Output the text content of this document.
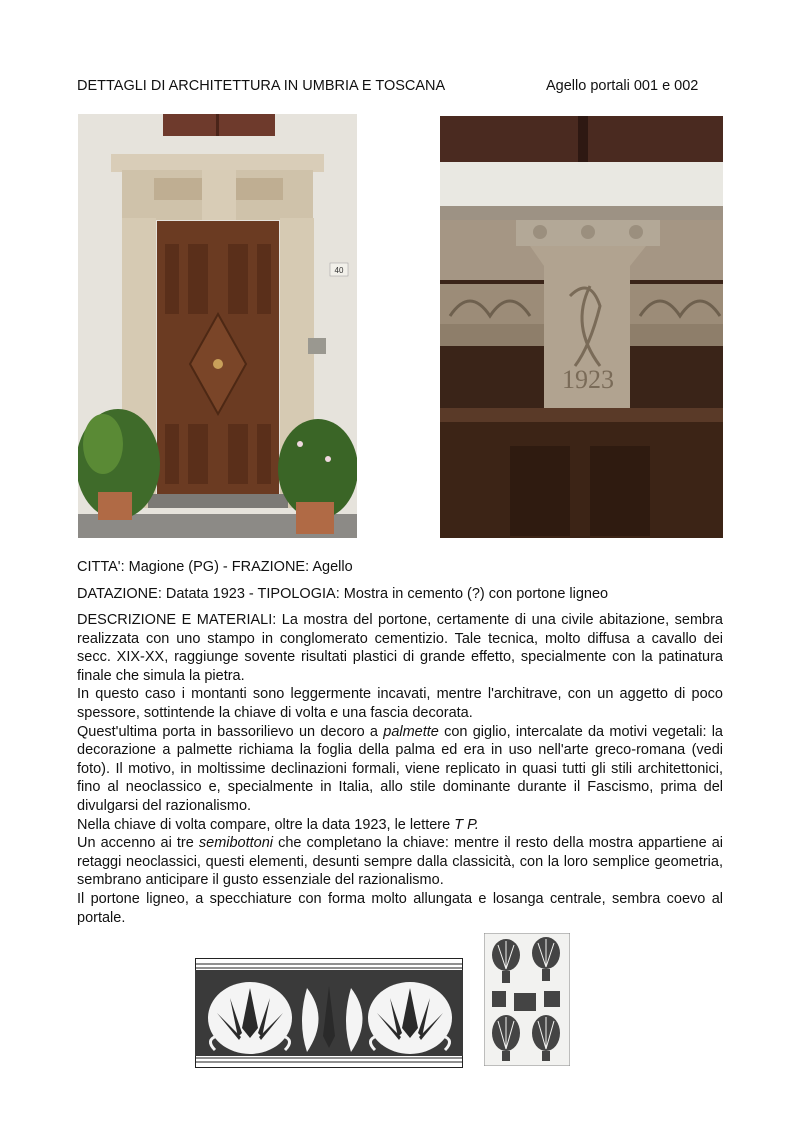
DETTAGLI DI ARCHITETTURA IN UMBRIA E TOSCANA	Agello portali 001 e 002
40
1923
CITTA': Magione (PG) - FRAZIONE: Agello
DATAZIONE: Datata 1923 - TIPOLOGIA: Mostra in cemento (?) con portone ligneo

DESCRIZIONE E MATERIALI: La mostra del portone, certamente di una civile abitazione, sembra realizzata con uno stampo in conglomerato cementizio. Tale tecnica, molto diffusa a cavallo dei secc. XIX-XX, raggiunge sovente risultati plastici di grande effetto, specialmente con la patinatura finale che simula la pietra.

In questo caso i montanti sono leggermente incavati, mentre l'architrave, con un aggetto di poco spessore, sottintende la chiave di volta e una fascia decorata.

Quest'ultima porta in bassorilievo un decoro a palmette con giglio, intercalate da motivi vegetali: la decorazione a palmette richiama la foglia della palma ed era in uso nell'arte greco-romana (vedi foto). Il motivo, in moltissime declinazioni formali, viene replicato in quasi tutti gli stili architettonici, fino al neoclassico e, specialmente in Italia, allo stile dominante durante il Fascismo, prima del divulgarsi del razionalismo.

Nella chiave di volta compare, oltre la data 1923, le lettere T P.

Un accenno ai tre semibottoni che completano la chiave: mentre il resto della mostra appartiene ai retaggi neoclassici, questi elementi, desunti sempre dalla classicità, con la loro semplice geometria, sembrano anticipare il gusto essenziale del razionalismo.

Il portone ligneo, a specchiature con forma molto allungata e losanga centrale, sembra coevo al portale.
